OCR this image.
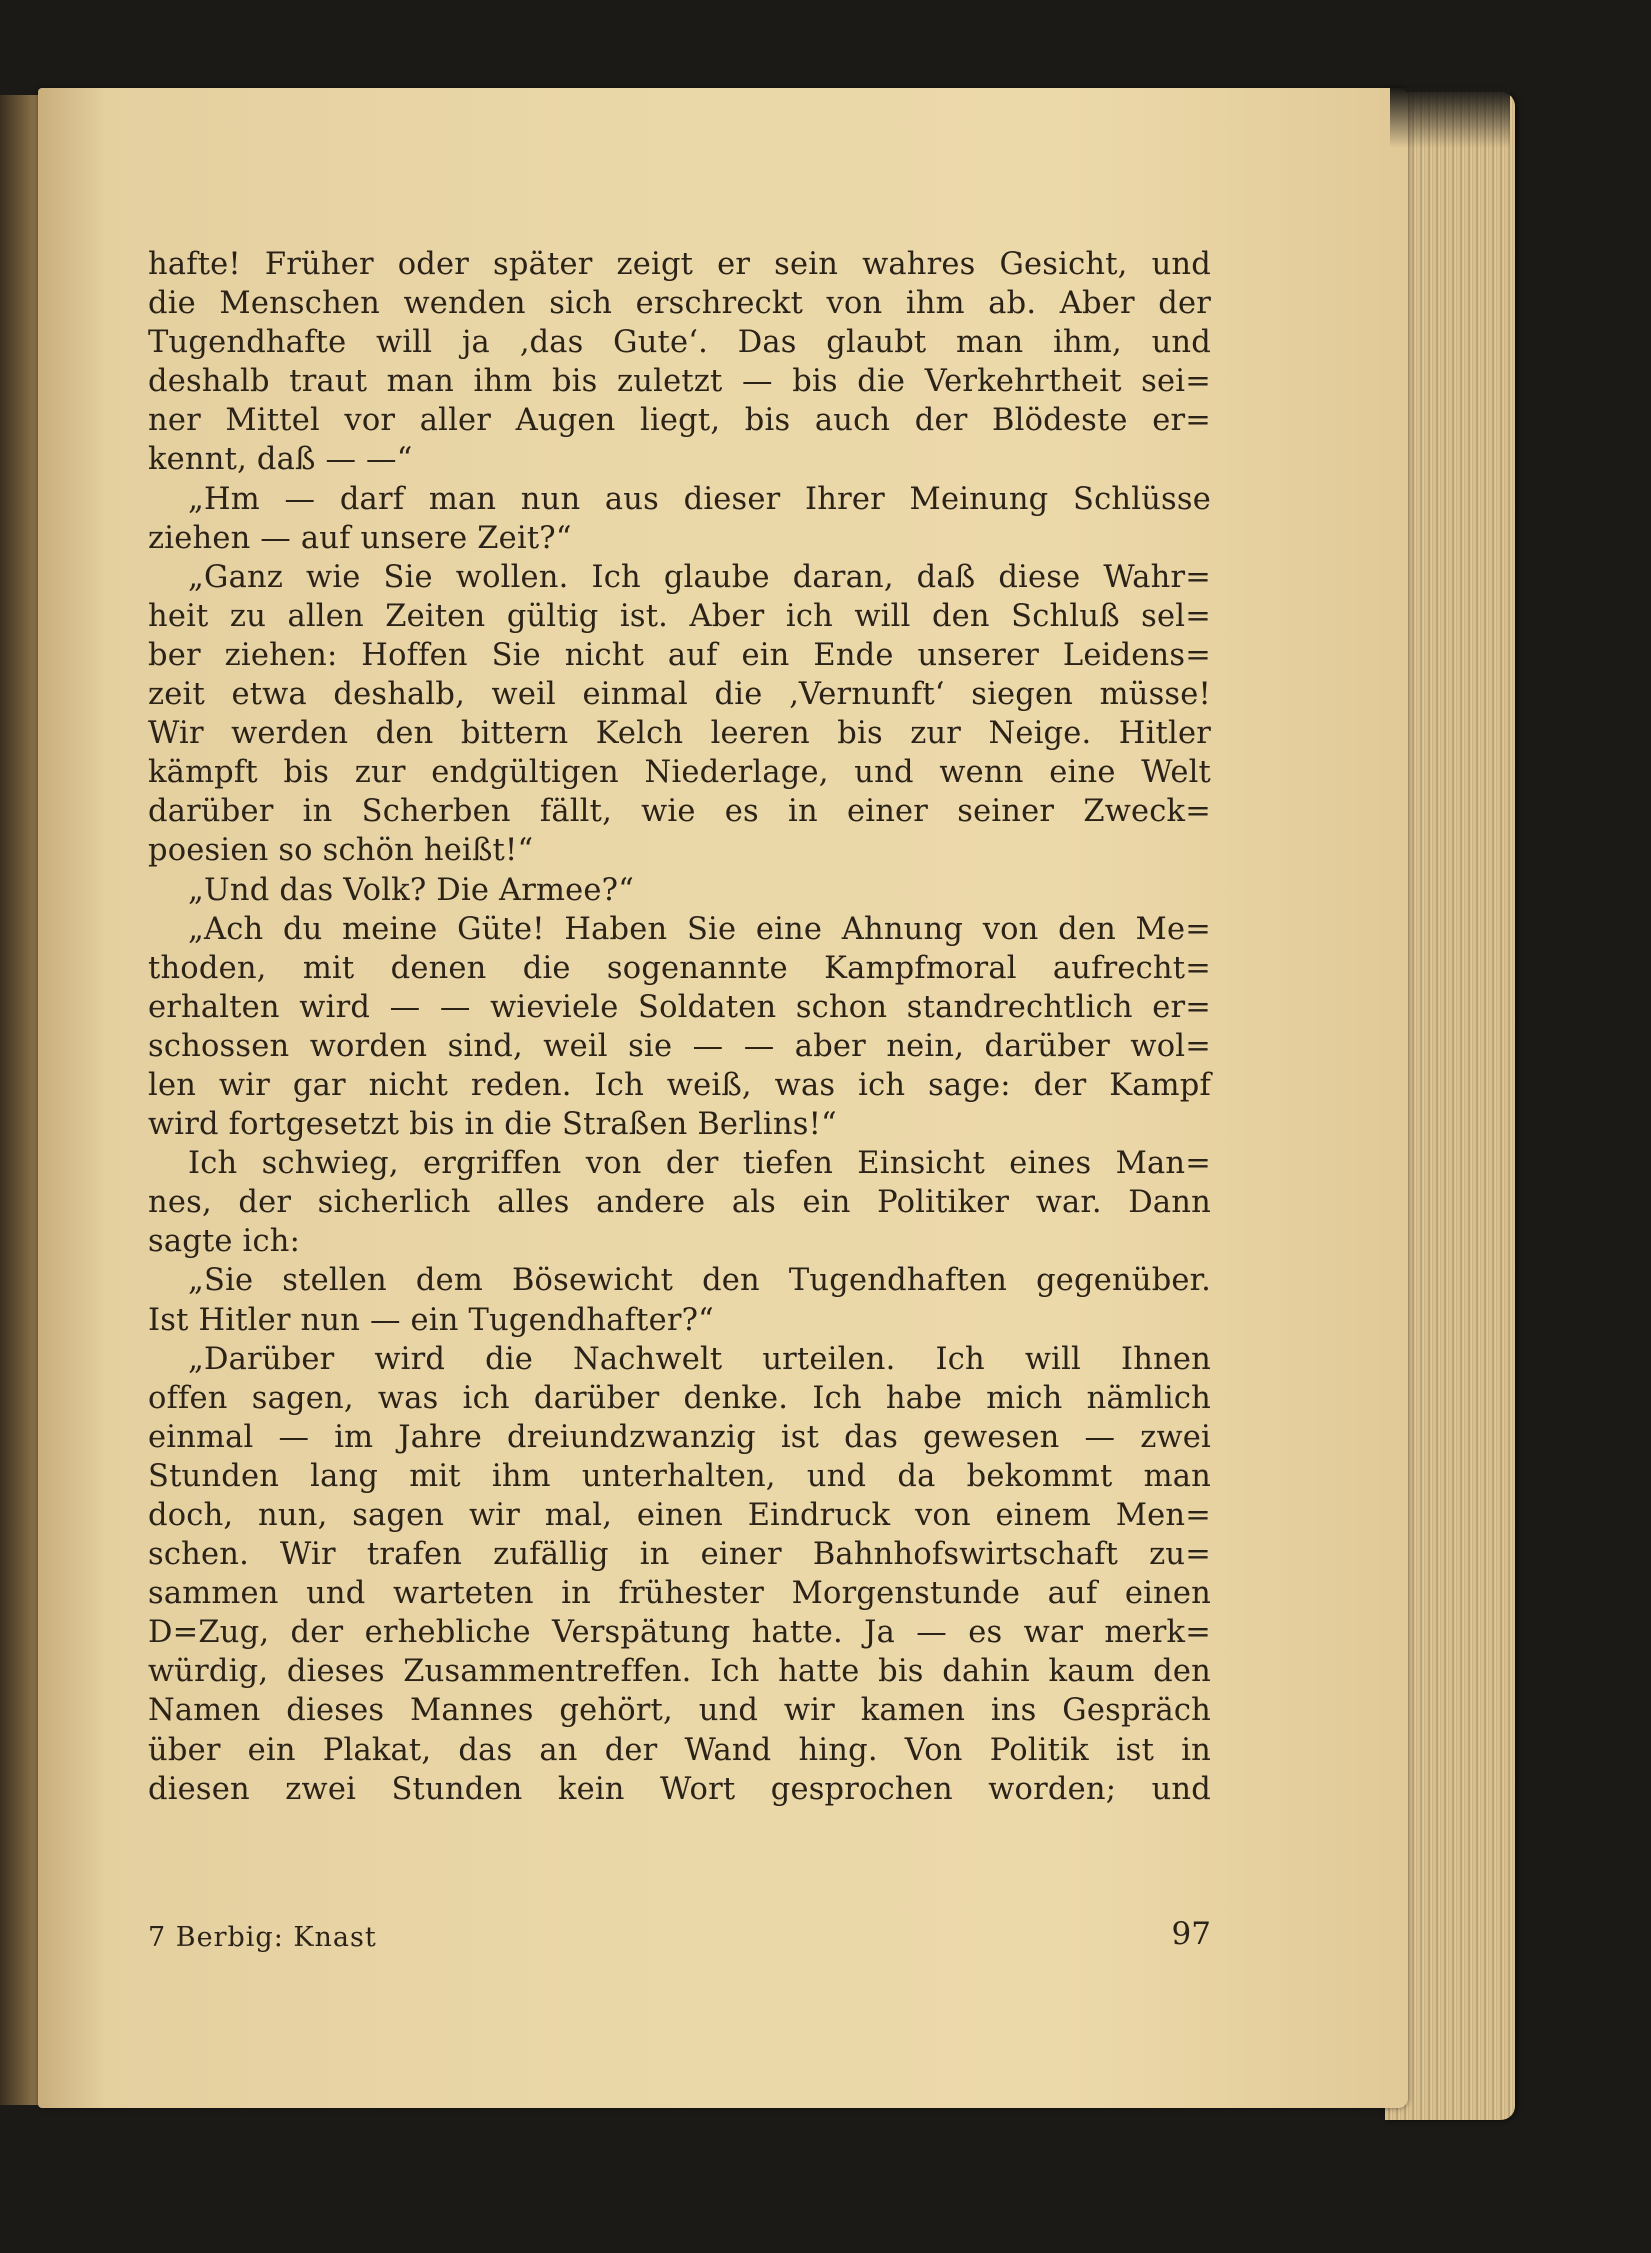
hafte! Früher oder später zeigt er sein wahres Gesicht, und
die Menschen wenden sich erschreckt von ihm ab. Aber der
Tugendhafte will ja ‚das Gute‘. Das glaubt man ihm, und
deshalb traut man ihm bis zuletzt — bis die Verkehrtheit sei=
ner Mittel vor aller Augen liegt, bis auch der Blödeste er=
kennt, daß — —“
„Hm — darf man nun aus dieser Ihrer Meinung Schlüsse
ziehen — auf unsere Zeit?“
„Ganz wie Sie wollen. Ich glaube daran, daß diese Wahr=
heit zu allen Zeiten gültig ist. Aber ich will den Schluß sel=
ber ziehen: Hoffen Sie nicht auf ein Ende unserer Leidens=
zeit etwa deshalb, weil einmal die ‚Vernunft‘ siegen müsse!
Wir werden den bittern Kelch leeren bis zur Neige. Hitler
kämpft bis zur endgültigen Niederlage, und wenn eine Welt
darüber in Scherben fällt, wie es in einer seiner Zweck=
poesien so schön heißt!“
„Und das Volk? Die Armee?“
„Ach du meine Güte! Haben Sie eine Ahnung von den Me=
thoden, mit denen die sogenannte Kampfmoral aufrecht=
erhalten wird — — wieviele Soldaten schon standrechtlich er=
schossen worden sind, weil sie — — aber nein, darüber wol=
len wir gar nicht reden. Ich weiß, was ich sage: der Kampf
wird fortgesetzt bis in die Straßen Berlins!“
Ich schwieg, ergriffen von der tiefen Einsicht eines Man=
nes, der sicherlich alles andere als ein Politiker war. Dann
sagte ich:
„Sie stellen dem Bösewicht den Tugendhaften gegenüber.
Ist Hitler nun — ein Tugendhafter?“
„Darüber wird die Nachwelt urteilen. Ich will Ihnen
offen sagen, was ich darüber denke. Ich habe mich nämlich
einmal — im Jahre dreiundzwanzig ist das gewesen — zwei
Stunden lang mit ihm unterhalten, und da bekommt man
doch, nun, sagen wir mal, einen Eindruck von einem Men=
schen. Wir trafen zufällig in einer Bahnhofswirtschaft zu=
sammen und warteten in frühester Morgenstunde auf einen
D=Zug, der erhebliche Verspätung hatte. Ja — es war merk=
würdig, dieses Zusammentreffen. Ich hatte bis dahin kaum den
Namen dieses Mannes gehört, und wir kamen ins Gespräch
über ein Plakat, das an der Wand hing. Von Politik ist in
diesen zwei Stunden kein Wort gesprochen worden; und
7 Berbig: Knast	97
